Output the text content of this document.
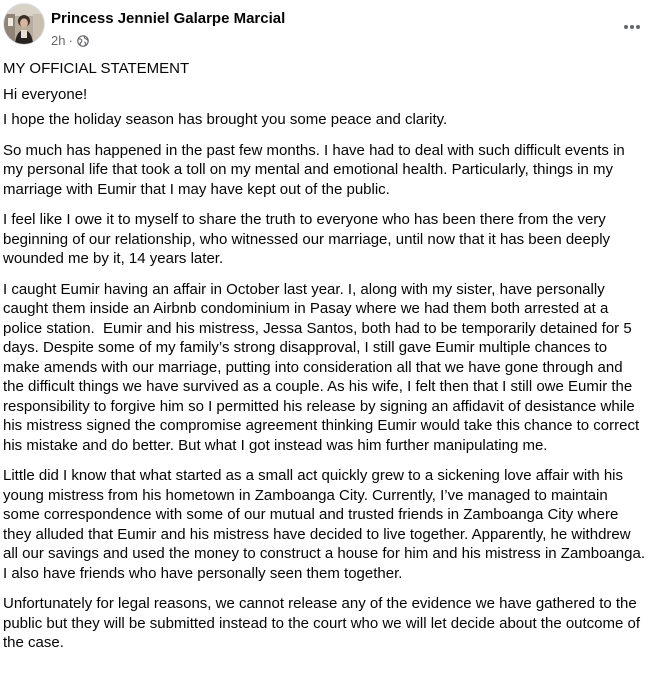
Princess Jenniel Galarpe Marcial
2h ·

MY OFFICIAL STATEMENT

Hi everyone!

I hope the holiday season has brought you some peace and clarity.

So much has happened in the past few months. I have had to deal with such difficult events in my personal life that took a toll on my mental and emotional health. Particularly, things in my marriage with Eumir that I may have kept out of the public.

I feel like I owe it to myself to share the truth to everyone who has been there from the very beginning of our relationship, who witnessed our marriage, until now that it has been deeply wounded me by it, 14 years later.

I caught Eumir having an affair in October last year. I, along with my sister, have personally caught them inside an Airbnb condominium in Pasay where we had them both arrested at a police station.  Eumir and his mistress, Jessa Santos, both had to be temporarily detained for 5 days. Despite some of my family’s strong disapproval, I still gave Eumir multiple chances to make amends with our marriage, putting into consideration all that we have gone through and the difficult things we have survived as a couple. As his wife, I felt then that I still owe Eumir the responsibility to forgive him so I permitted his release by signing an affidavit of desistance while his mistress signed the compromise agreement thinking Eumir would take this chance to correct his mistake and do better. But what I got instead was him further manipulating me.

Little did I know that what started as a small act quickly grew to a sickening love affair with his young mistress from his hometown in Zamboanga City. Currently, I’ve managed to maintain some correspondence with some of our mutual and trusted friends in Zamboanga City where they alluded that Eumir and his mistress have decided to live together. Apparently, he withdrew all our savings and used the money to construct a house for him and his mistress in Zamboanga. I also have friends who have personally seen them together.

Unfortunately for legal reasons, we cannot release any of the evidence we have gathered to the public but they will be submitted instead to the court who we will let decide about the outcome of the case.
